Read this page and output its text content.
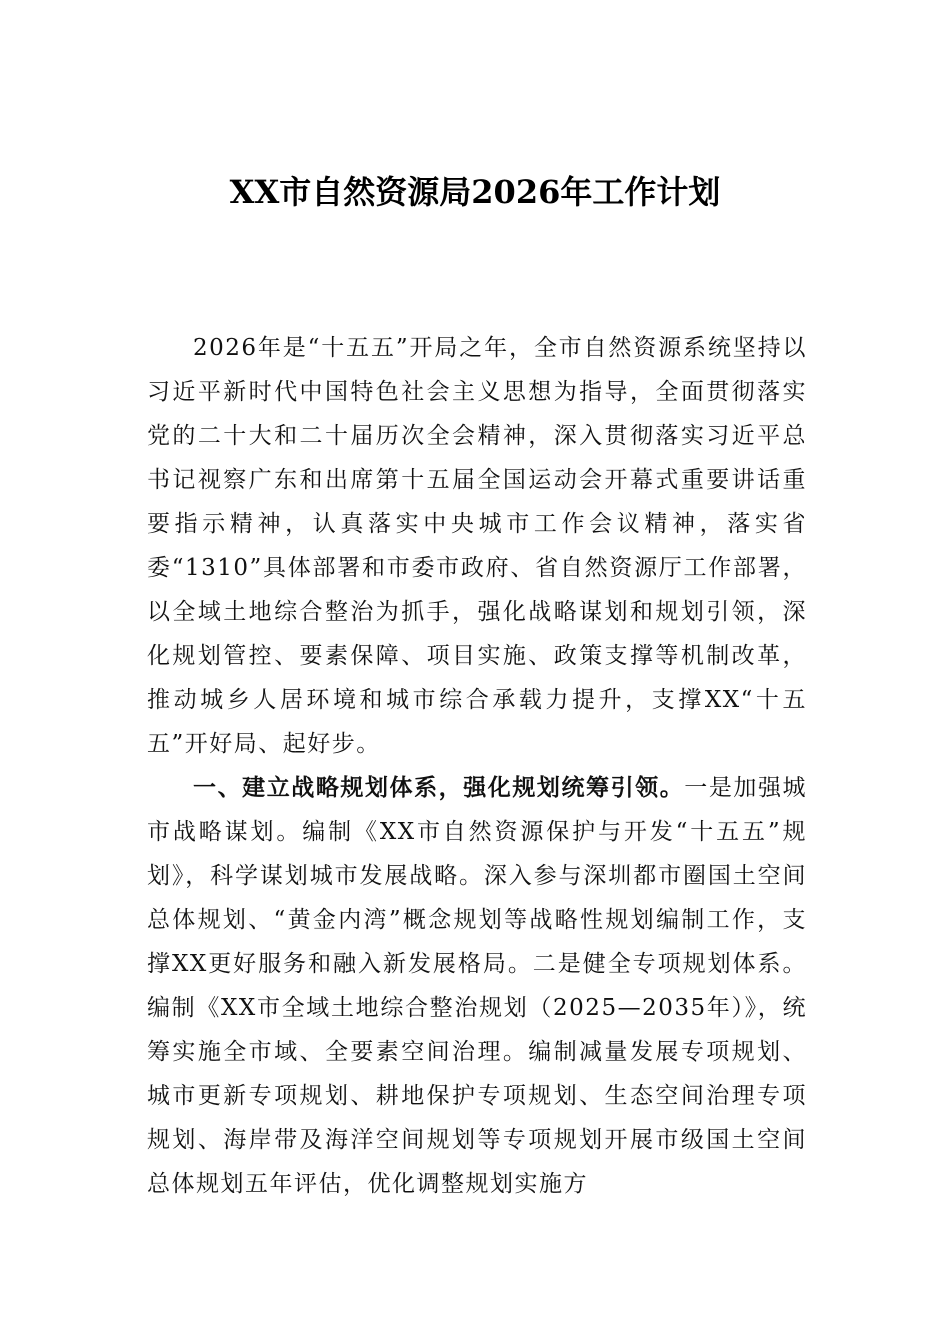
XX市自然资源局2026年工作计划

2026年是“十五五”开局之年，全市自然资源系统坚持以习近平新时代中国特色社会主义思想为指导，全面贯彻落实党的二十大和二十届历次全会精神，深入贯彻落实习近平总书记视察广东和出席第十五届全国运动会开幕式重要讲话重要指示精神，认真落实中央城市工作会议精神，落实省委“1310”具体部署和市委市政府、省自然资源厅工作部署，以全域土地综合整治为抓手，强化战略谋划和规划引领，深化规划管控、要素保障、项目实施、政策支撑等机制改革，推动城乡人居环境和城市综合承载力提升，支撑XX“十五五”开好局、起好步。

一、建立战略规划体系，强化规划统筹引领。一是加强城市战略谋划。编制《XX市自然资源保护与开发“十五五”规划》，科学谋划城市发展战略。深入参与深圳都市圈国土空间总体规划、“黄金内湾”概念规划等战略性规划编制工作，支撑XX更好服务和融入新发展格局。二是健全专项规划体系。编制《XX市全域土地综合整治规划（2025—2035年）》，统筹实施全市域、全要素空间治理。编制减量发展专项规划、城市更新专项规划、耕地保护专项规划、生态空间治理专项规划、海岸带及海洋空间规划等专项规划开展市级国土空间总体规划五年评估，优化调整规划实施方
